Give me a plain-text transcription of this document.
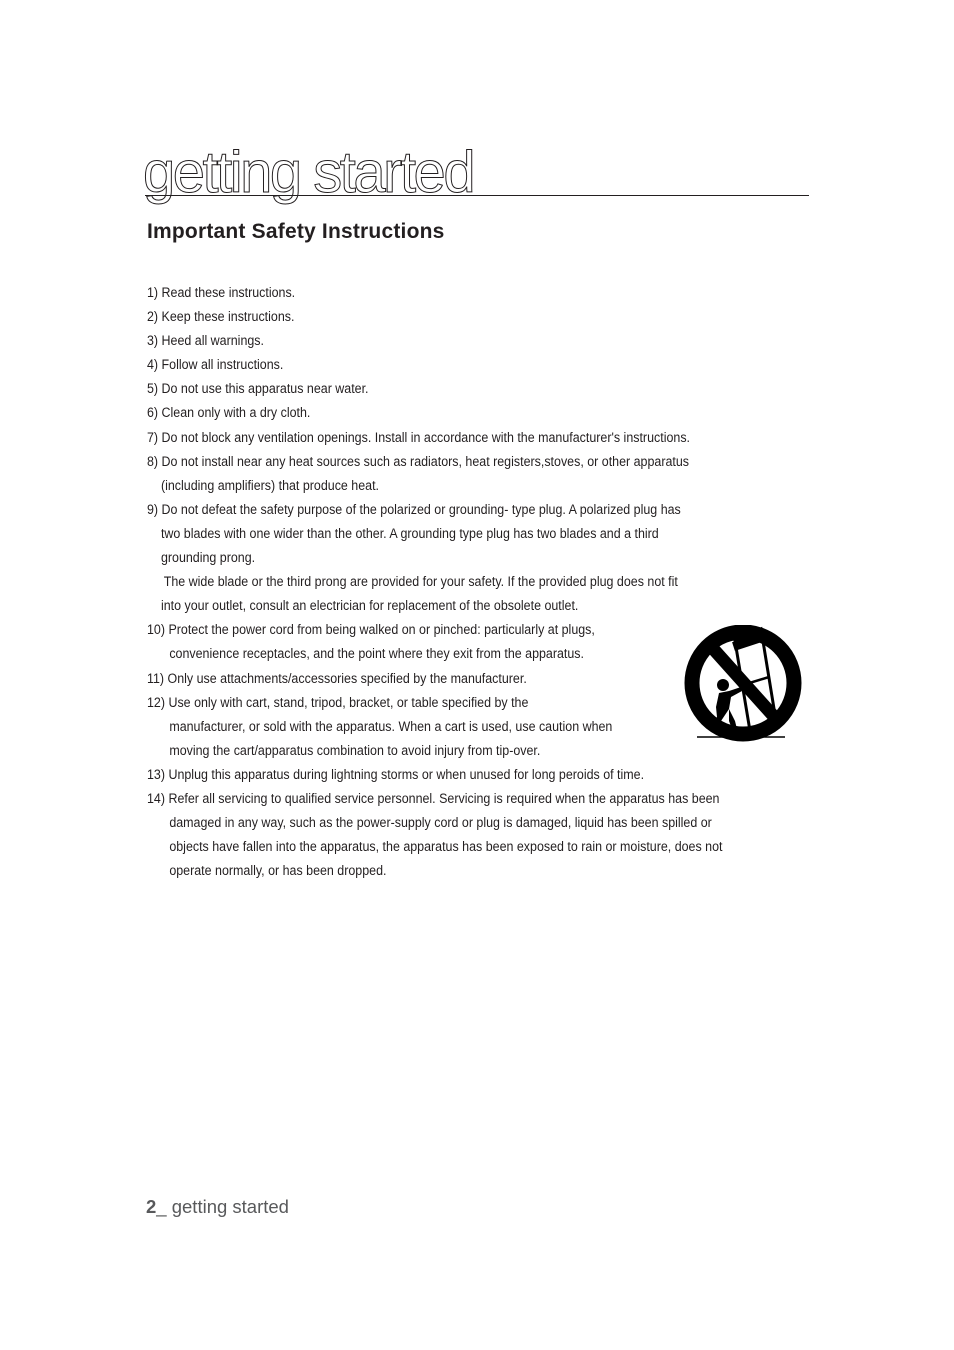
getting started
Important Safety Instructions
1) Read these instructions.
2) Keep these instructions.
3) Heed all warnings.
4) Follow all instructions.
5) Do not use this apparatus near water.
6) Clean only with a dry cloth.
7) Do not block any ventilation openings. Install in accordance with the manufacturer's instructions.
8) Do not install near any heat sources such as radiators, heat registers,stoves, or other apparatus
(including amplifiers) that produce heat.
9) Do not defeat the safety purpose of the polarized or grounding- type plug. A polarized plug has
two blades with one wider than the other. A grounding type plug has two blades and a third
grounding prong.
The wide blade or the third prong are provided for your safety. If the provided plug does not fit
into your outlet, consult an electrician for replacement of the obsolete outlet.
10) Protect the power cord from being walked on or pinched: particularly at plugs,
convenience receptacles, and the point where they exit from the apparatus.
11) Only use attachments/accessories specified by the manufacturer.
12) Use only with cart, stand, tripod, bracket, or table specified by the
manufacturer, or sold with the apparatus. When a cart is used, use caution when
moving the cart/apparatus combination to avoid injury from tip-over.
13) Unplug this apparatus during lightning storms or when unused for long peroids of time.
14) Refer all servicing to qualified service personnel. Servicing is required when the apparatus has been
damaged in any way, such as the power-supply cord or plug is damaged, liquid has been spilled or
objects have fallen into the apparatus, the apparatus has been exposed to rain or moisture, does not
operate normally, or has been dropped.
2_ getting started
